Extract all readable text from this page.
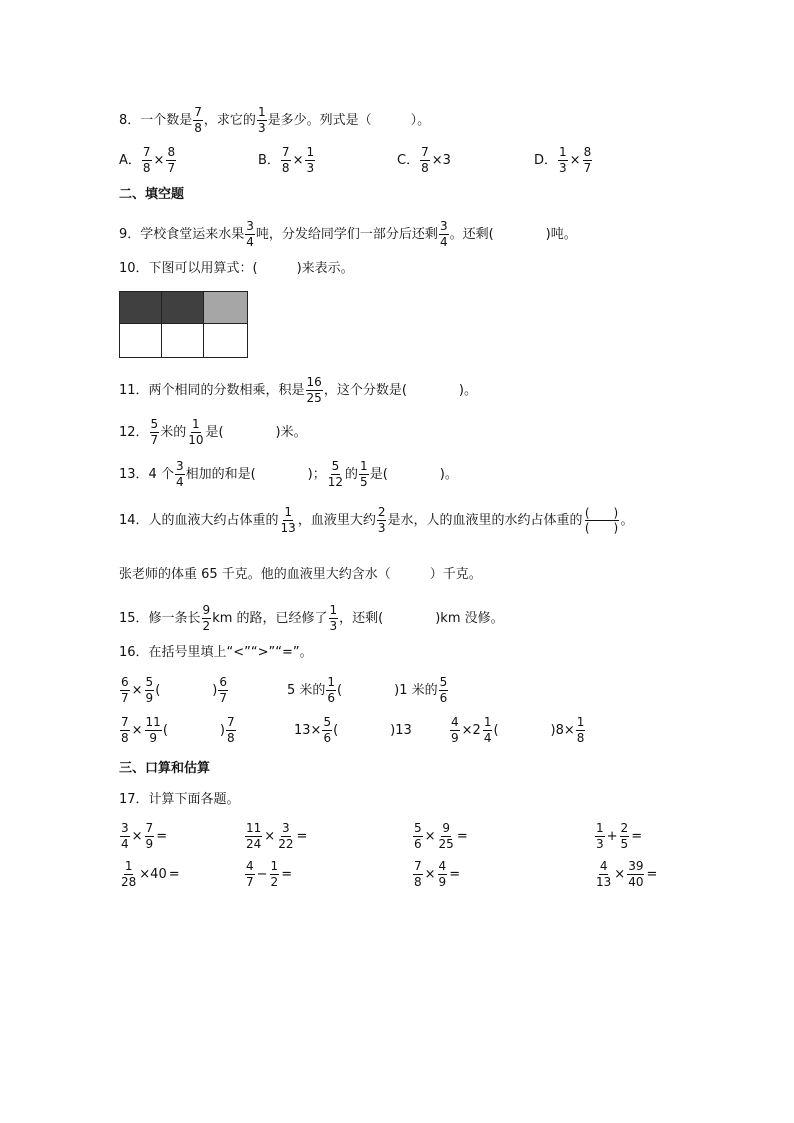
8．一个数是 $\frac{7}{8}$ ，求它的 $\frac{1}{3}$ 是多少。列式是（　　　）。
A． $\frac{7}{8} \times \frac{8}{7}$	B． $\frac{7}{8} \times \frac{1}{3}$	C． $\frac{7}{8} \times 3$	D． $\frac{1}{3} \times \frac{8}{7}$
二、填空题
9．学校食堂运来水果 $\frac{3}{4}$ 吨，分发给同学们一部分后还剩 $\frac{3}{4}$ 。还剩(　　　　)吨。
10．下图可以用算式：(　　　)来表示。
11．两个相同的分数相乘，积是 $\frac{16}{25}$ ，这个分数是(　　　　)。
12． $\frac{5}{7}$ 米的 $\frac{1}{10}$ 是(　　　　)米。
13．4 个 $\frac{3}{4}$ 相加的和是(　　　　)； $\frac{5}{12}$ 的 $\frac{1}{5}$ 是(　　　　)。
14．人的血液大约占体重的 $\frac{1}{13}$ ，血液里大约 $\frac{2}{3}$ 是水，人的血液里的水约占体重的 (　　)
(　　) 。
张老师的体重 65 千克。他的血液里大约含水（　　　）千克。
15．修一条长 $\frac{9}{2}$ km 的路，已经修了 $\frac{1}{3}$ ，还剩(　　　　)km 没修。
16．在括号里填上“<”“>”“=”。
$\frac{6}{7} \times \frac{5}{9}$ (　　　　) $\frac{6}{7}$	5 米的 $\frac{1}{6}$ (　　　　) 1 米的 $\frac{5}{6}$
$\frac{7}{8} \times \frac{11}{9}$ (　　　　) $\frac{7}{8}$	$13\times \frac{5}{6}$ (　　　　) 13	$\frac{4}{9} \times 2 \frac{1}{4}$ (　　　　) $8\times \frac{1}{8}$
三、口算和估算
17．计算下面各题。
$\frac{3}{4} \times \frac{7}{9}$ =	$\frac{11}{24} \times \frac{3}{22}$ =	$\frac{5}{6} \times \frac{9}{25}$ =	$\frac{1}{3} + \frac{2}{5}$ =
$\frac{1}{28} \times 40$ =	$\frac{4}{7} - \frac{1}{2}$ =	$\frac{7}{8} \times \frac{4}{9}$ =	$\frac{4}{13} \times \frac{39}{40}$ =
